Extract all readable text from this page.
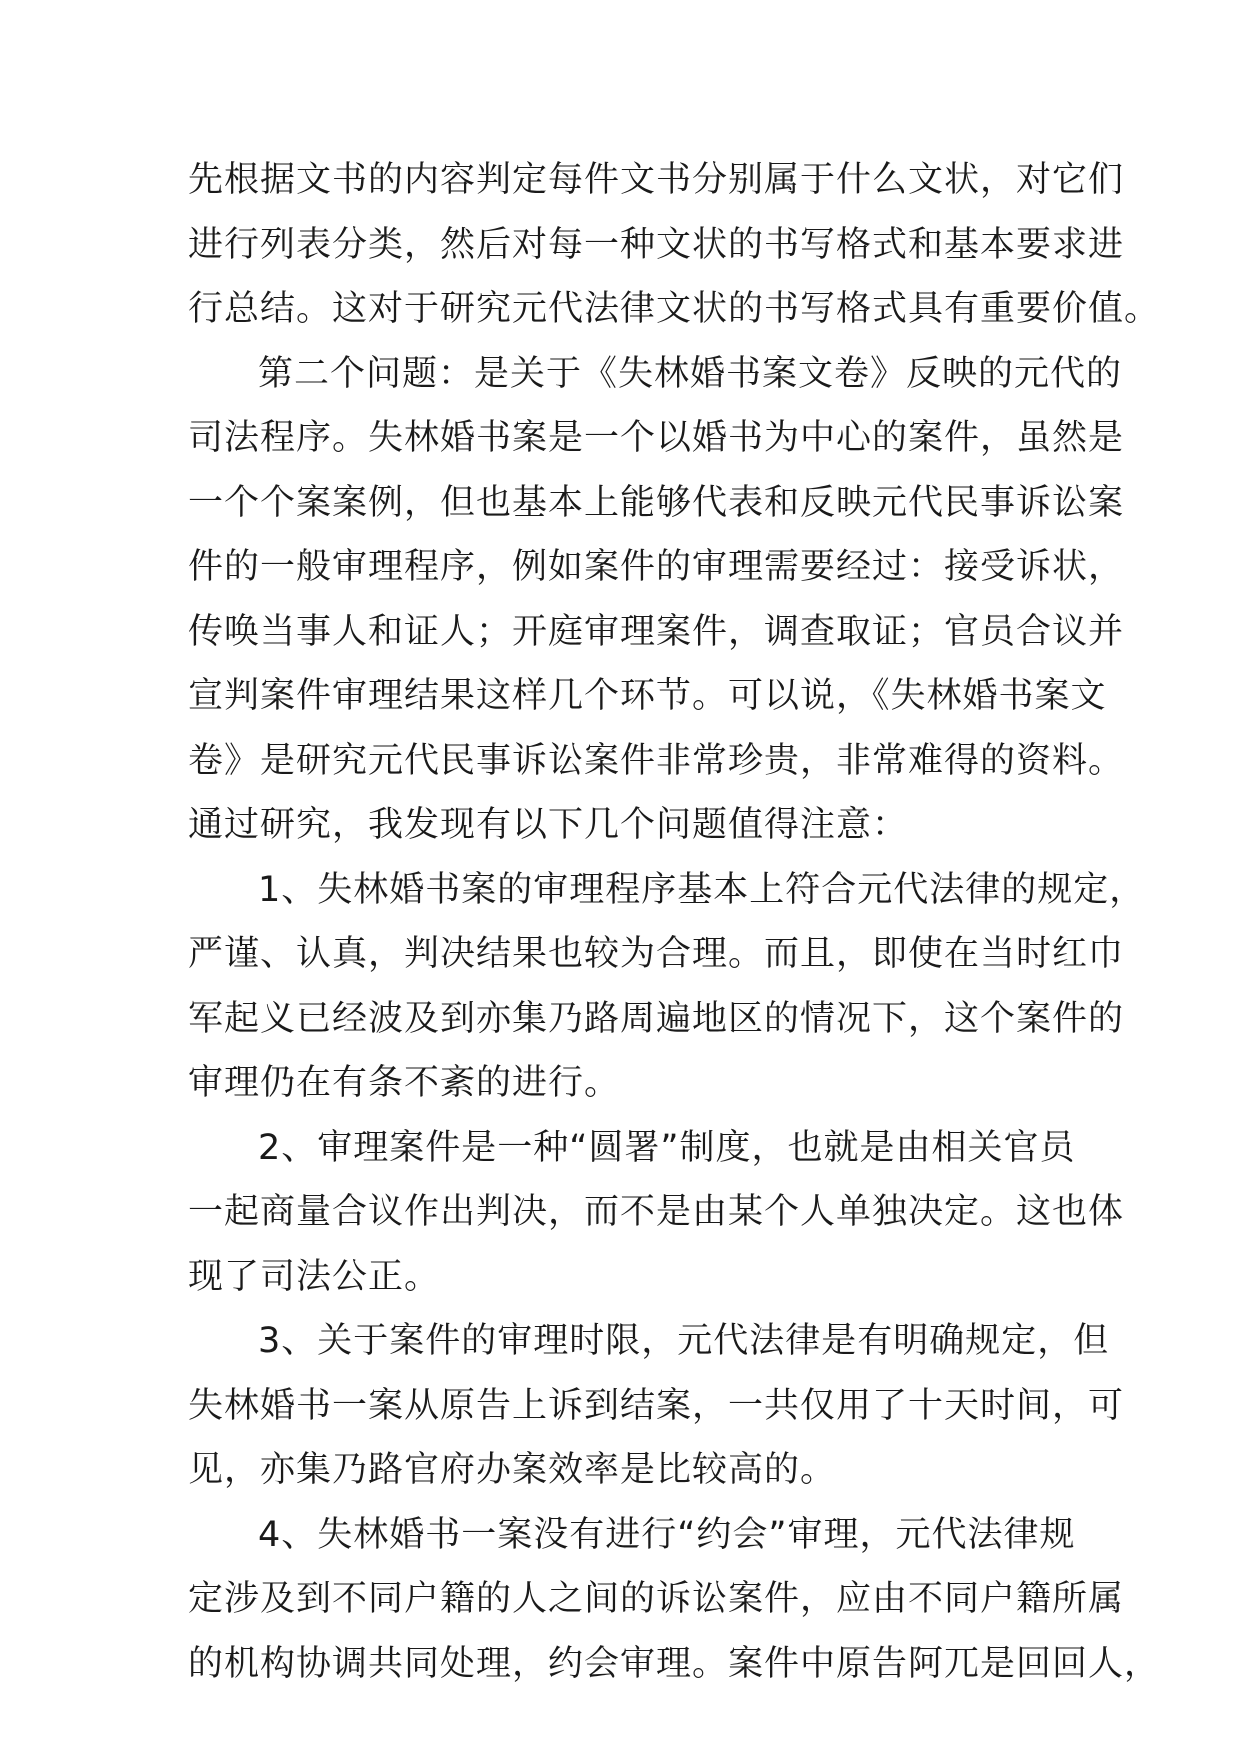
先根据文书的内容判定每件文书分别属于什么文状，对它们
进行列表分类，然后对每一种文状的书写格式和基本要求进
行总结。这对于研究元代法律文状的书写格式具有重要价值。
第二个问题：是关于《失林婚书案文卷》反映的元代的
司法程序。失林婚书案是一个以婚书为中心的案件，虽然是
一个个案案例，但也基本上能够代表和反映元代民事诉讼案
件的一般审理程序，例如案件的审理需要经过：接受诉状，
传唤当事人和证人；开庭审理案件，调查取证；官员合议并
宣判案件审理结果这样几个环节。可以说，《失林婚书案文
卷》是研究元代民事诉讼案件非常珍贵，非常难得的资料。
通过研究，我发现有以下几个问题值得注意：
1、失林婚书案的审理程序基本上符合元代法律的规定，
严谨、认真，判决结果也较为合理。而且，即使在当时红巾
军起义已经波及到亦集乃路周遍地区的情况下，这个案件的
审理仍在有条不紊的进行。
2、审理案件是一种“圆署”制度，也就是由相关官员
一起商量合议作出判决，而不是由某个人单独决定。这也体
现了司法公正。
3、关于案件的审理时限，元代法律是有明确规定，但
失林婚书一案从原告上诉到结案，一共仅用了十天时间，可
见，亦集乃路官府办案效率是比较高的。
4、失林婚书一案没有进行“约会”审理，元代法律规
定涉及到不同户籍的人之间的诉讼案件，应由不同户籍所属
的机构协调共同处理，约会审理。案件中原告阿兀是回回人，
